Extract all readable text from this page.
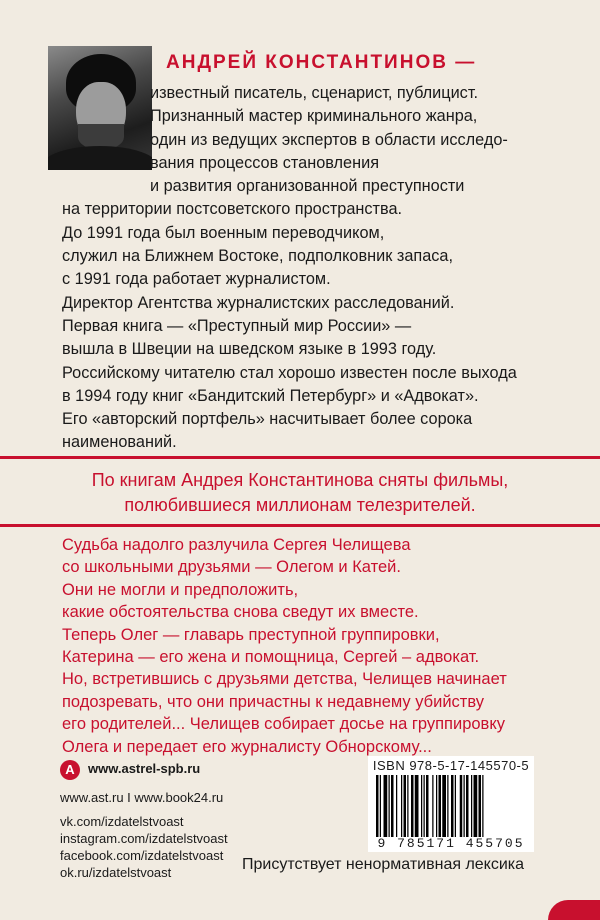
АНДРЕЙ КОНСТАНТИНОВ —
известный писатель, сценарист, публицист.
Признанный мастер криминального жанра,
один из ведущих экспертов в области исследо-
вания процессов становления
и развития организованной преступности
на территории постсоветского пространства.
До 1991 года был военным переводчиком,
служил на Ближнем Востоке, подполковник запаса,
с 1991 года работает журналистом.
Директор Агентства журналистских расследований.
Первая книга — «Преступный мир России» —
вышла в Швеции на шведском языке в 1993 году.
Российскому читателю стал хорошо известен после выхода
в 1994 году книг «Бандитский Петербург» и «Адвокат».
Его «авторский портфель» насчитывает более сорока
наименований.
По книгам Андрея Константинова сняты фильмы,
полюбившиеся миллионам телезрителей.
Судьба надолго разлучила Сергея Челищева
со школьными друзьями — Олегом и Катей.
Они не могли и предположить,
какие обстоятельства снова сведут их вместе.
Теперь Олег — главарь преступной группировки,
Катерина — его жена и помощница, Сергей – адвокат.
Но, встретившись с друзьями детства, Челищев начинает
подозревать, что они причастны к недавнему убийству
его родителей... Челищев собирает досье на группировку
Олега и передает его журналисту Обнорскому...
А	www.astrel-spb.ru
www.ast.ru I www.book24.ru
vk.com/izdatelstvoast
instagram.com/izdatelstvoast
facebook.com/izdatelstvoast
ok.ru/izdatelstvoast
ISBN 978-5-17-145570-5
9 785171 455705
Присутствует ненормативная лексика
